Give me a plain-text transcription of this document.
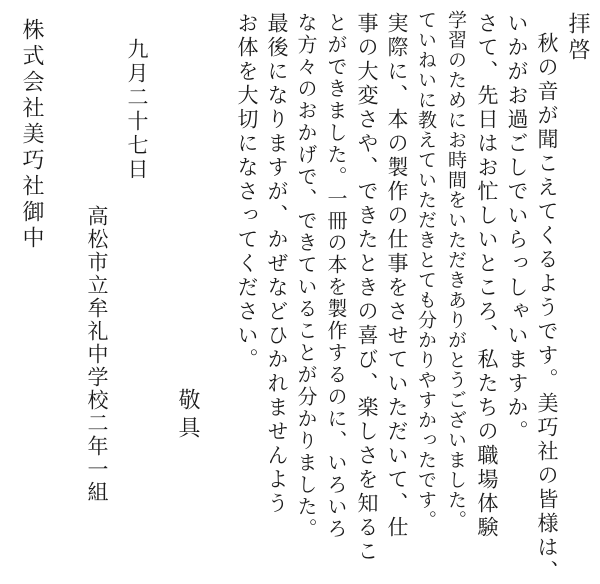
拝啓
秋の音が聞こえてくるようです。美巧社の皆様は、
いかがお過ごしでいらっしゃいますか。
さて、先日はお忙しいところ、私たちの職場体験
学習のためにお時間をいただきありがとうございました。
ていねいに教えていただきとても分かりやすかったです。
実際に、本の製作の仕事をさせていただいて、仕
事の大変さや、できたときの喜び、楽しさを知るこ
とができました。一冊の本を製作するのに、いろいろ
な方々のおかげで、できていることが分かりました。
最後になりますが、かぜなどひかれませんよう
お体を大切になさってください。
敬具
九月二十七日
高松市立牟礼中学校二年一組
株式会社美巧社御中
